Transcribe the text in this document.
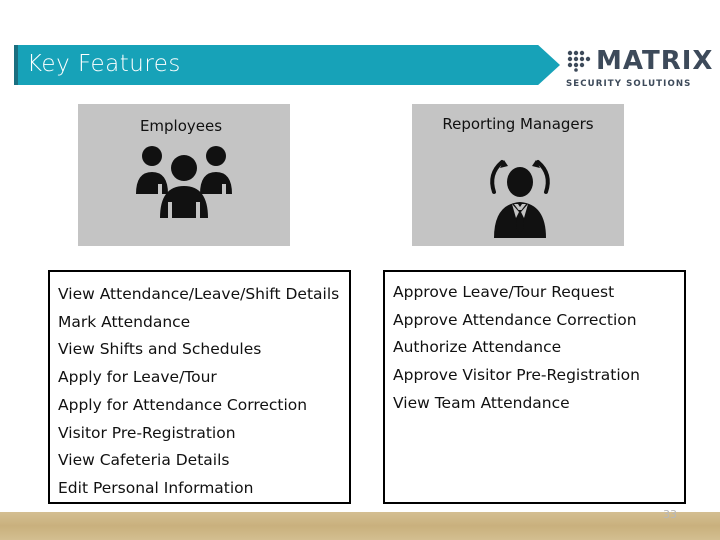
Key Features	MATRIX
SECURITY SOLUTIONS
Employees	Reporting Managers
View Attendance/Leave/Shift Details
Mark Attendance
View Shifts and Schedules
Apply for Leave/Tour
Apply for Attendance Correction
Visitor Pre-Registration
View Cafeteria Details
Edit Personal Information
Approve Leave/Tour Request
Approve Attendance Correction
Authorize Attendance
Approve Visitor Pre-Registration
View Team Attendance
33
